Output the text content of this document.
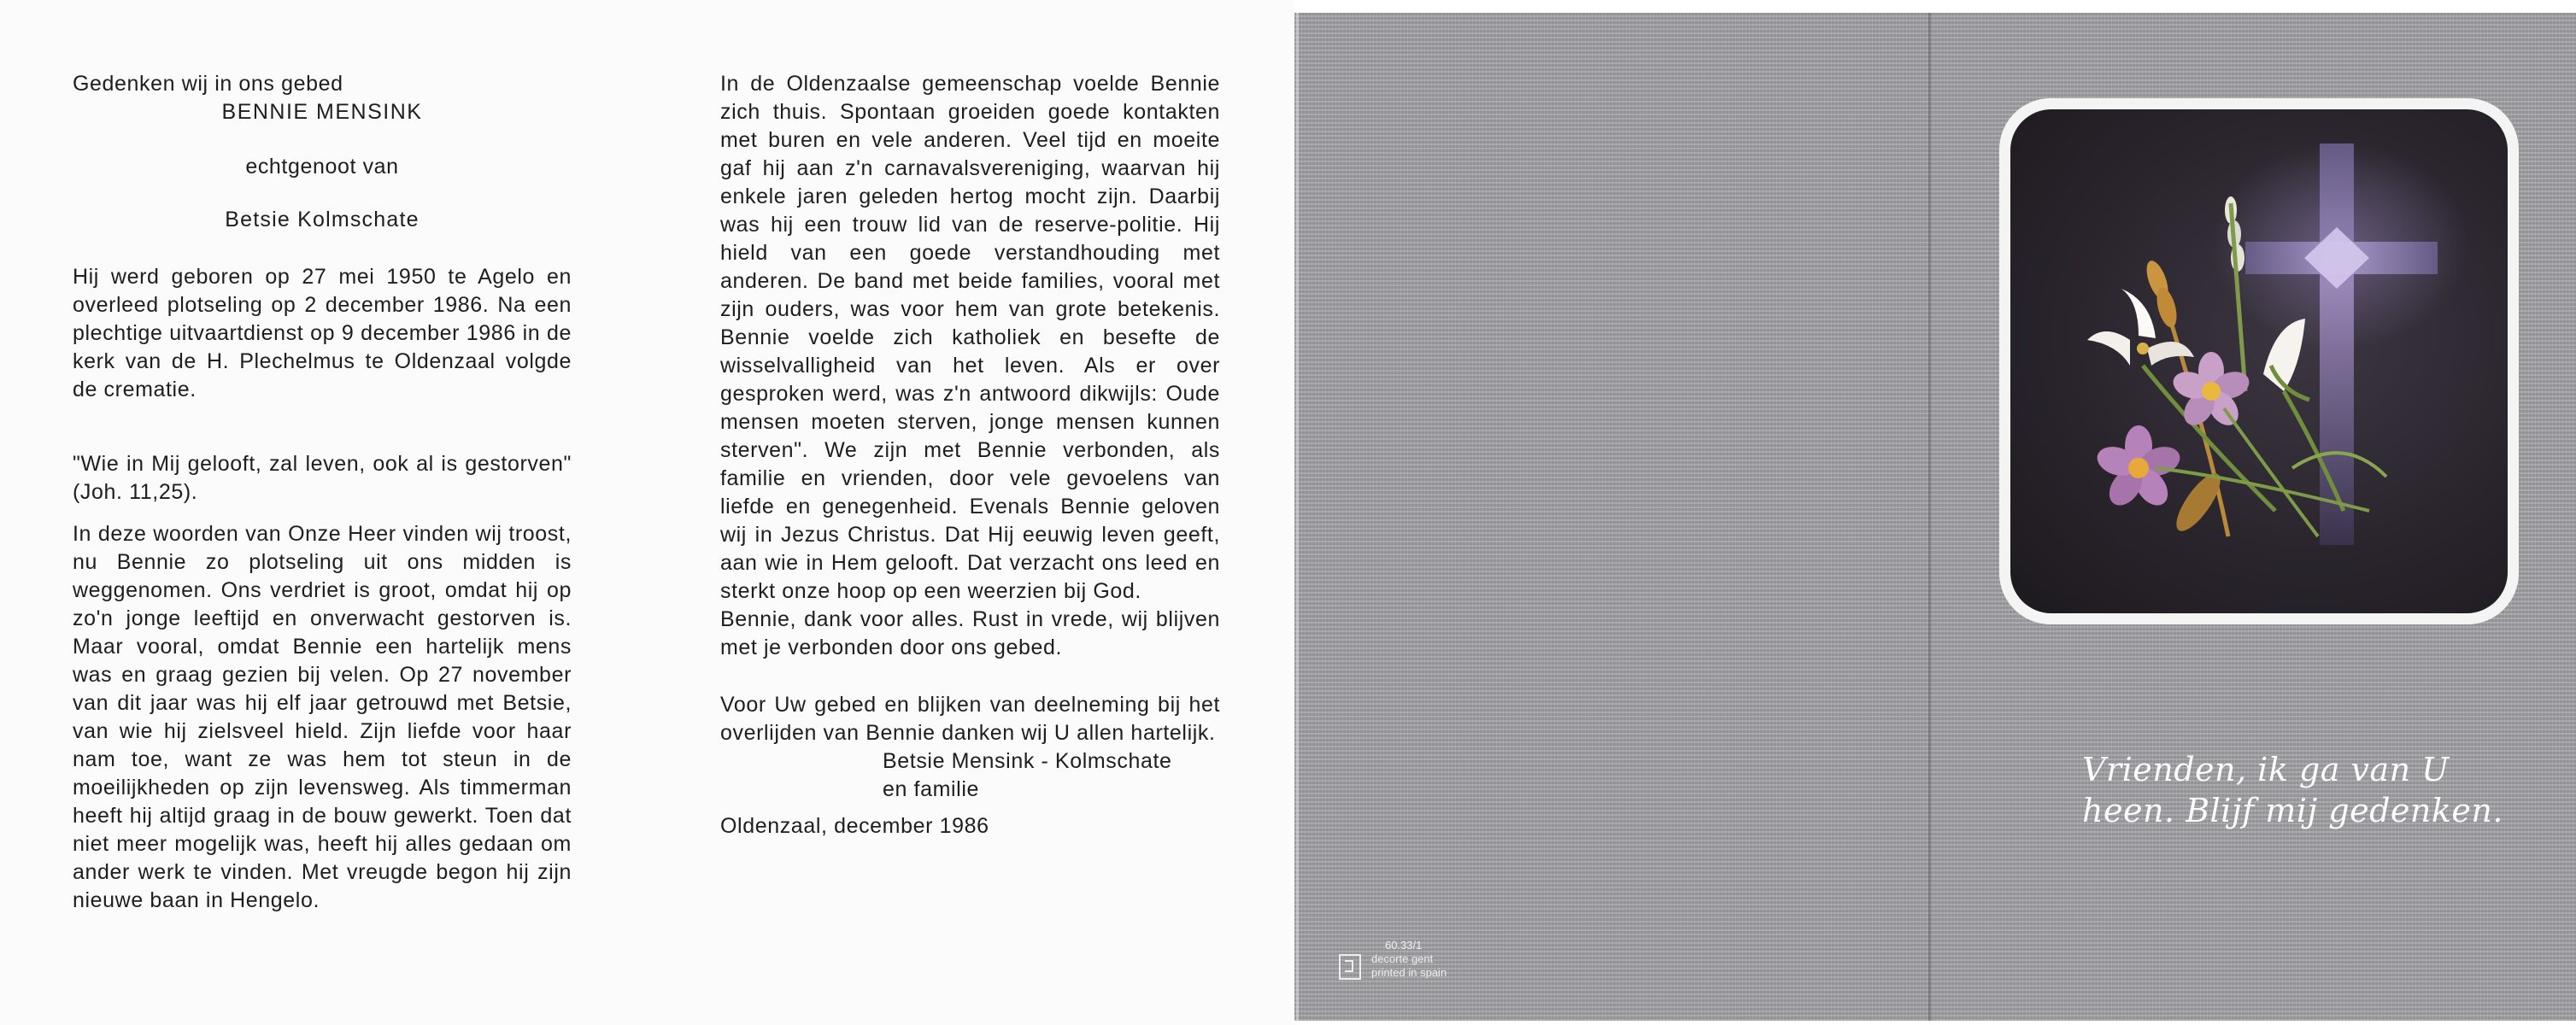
Gedenken wij in ons gebed

BENNIE MENSINK

echtgenoot van

Betsie Kolmschate

Hij werd geboren op 27 mei 1950 te Agelo en overleed plotseling op 2 december 1986. Na een plechtige uitvaartdienst op 9 december 1986 in de kerk van de H. Plechelmus te Oldenzaal volgde de crematie.

"Wie in Mij gelooft, zal leven, ook al is gestorven" (Joh. 11,25).

In deze woorden van Onze Heer vinden wij troost, nu Bennie zo plotseling uit ons midden is weggenomen. Ons verdriet is groot, omdat hij op zo'n jonge leeftijd en onverwacht gestorven is. Maar vooral, omdat Bennie een hartelijk mens was en graag gezien bij velen. Op 27 november van dit jaar was hij elf jaar getrouwd met Betsie, van wie hij zielsveel hield. Zijn liefde voor haar nam toe, want ze was hem tot steun in de moeilijkheden op zijn levensweg. Als timmerman heeft hij altijd graag in de bouw gewerkt. Toen dat niet meer mogelijk was, heeft hij alles gedaan om ander werk te vinden. Met vreugde begon hij zijn nieuwe baan in Hengelo.

In de Oldenzaalse gemeenschap voelde Bennie zich thuis. Spontaan groeiden goede kontakten met buren en vele anderen. Veel tijd en moeite gaf hij aan z'n carnavalsvereniging, waarvan hij enkele jaren geleden hertog mocht zijn. Daarbij was hij een trouw lid van de reserve-politie. Hij hield van een goede verstandhouding met anderen. De band met beide families, vooral met zijn ouders, was voor hem van grote betekenis. Bennie voelde zich katholiek en besefte de wisselvalligheid van het leven. Als er over gesproken werd, was z'n antwoord dikwijls: Oude mensen moeten sterven, jonge mensen kunnen sterven". We zijn met Bennie verbonden, als familie en vrienden, door vele gevoelens van liefde en genegenheid. Evenals Bennie geloven wij in Jezus Christus. Dat Hij eeuwig leven geeft, aan wie in Hem gelooft. Dat verzacht ons leed en sterkt onze hoop op een weerzien bij God.

Bennie, dank voor alles. Rust in vrede, wij blijven met je verbonden door ons gebed.

Voor Uw gebed en blijken van deelneming bij het overlijden van Bennie danken wij U allen hartelijk.

Betsie Mensink - Kolmschate

en familie

Oldenzaal, december 1986

Vrienden, ik ga van U
heen. Blijf mij gedenken.
60.33/1
decorte gent
printed in spain
